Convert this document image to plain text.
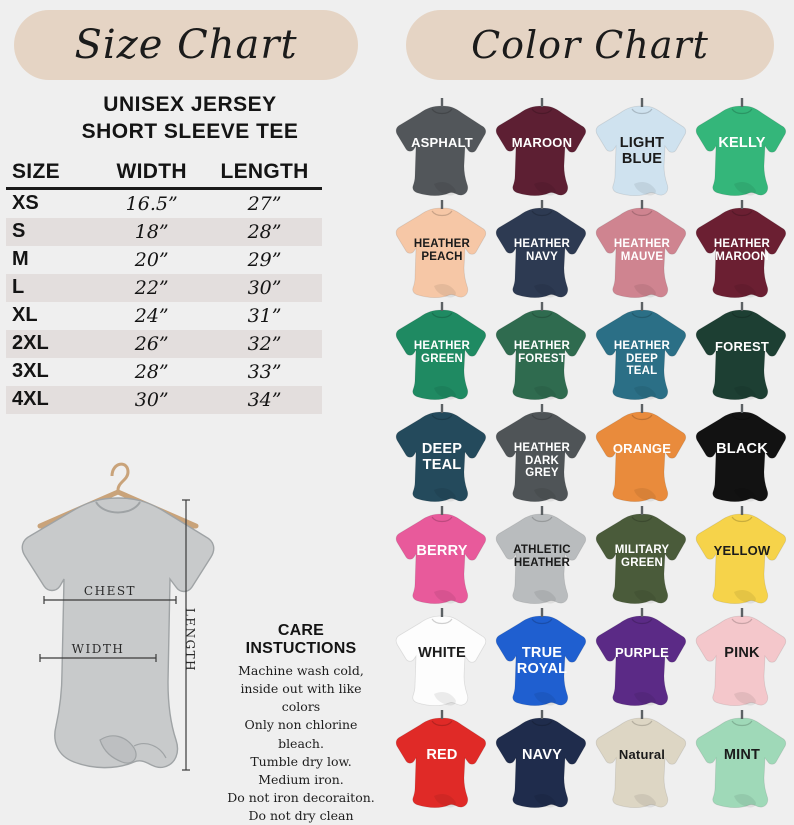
Size Chart
UNISEX JERSEY
SHORT SLEEVE TEE
SIZE	WIDTH	LENGTH
XS	16.5”	27”
S	18”	28”
M	20”	29”
L	22”	30”
XL	24”	31”
2XL	26”	32”
3XL	28”	33”
4XL	30”	34”
CHEST
WIDTH	LENGTH	CARE INSTUCTIONS
Machine wash cold,
inside out with like colors
Only non chlorine bleach.
Tumble dry low.
Medium iron.
Do not iron decoraiton.
Do not dry clean
Color Chart
ASPHALT	MAROON	LIGHT
BLUE
KELLY
HEATHER
PEACH
HEATHER
NAVY
HEATHER
MAUVE
HEATHER
MAROON
HEATHER
GREEN
HEATHER
FOREST
HEATHER
DEEP
TEAL
FOREST
DEEP
TEAL
HEATHER
DARK
GREY
ORANGE	BLACK
BERRY	ATHLETIC
HEATHER
MILITARY
GREEN
YELLOW
WHITE	TRUE
ROYAL
PURPLE	PINK
RED	NAVY	Natural	MINT
